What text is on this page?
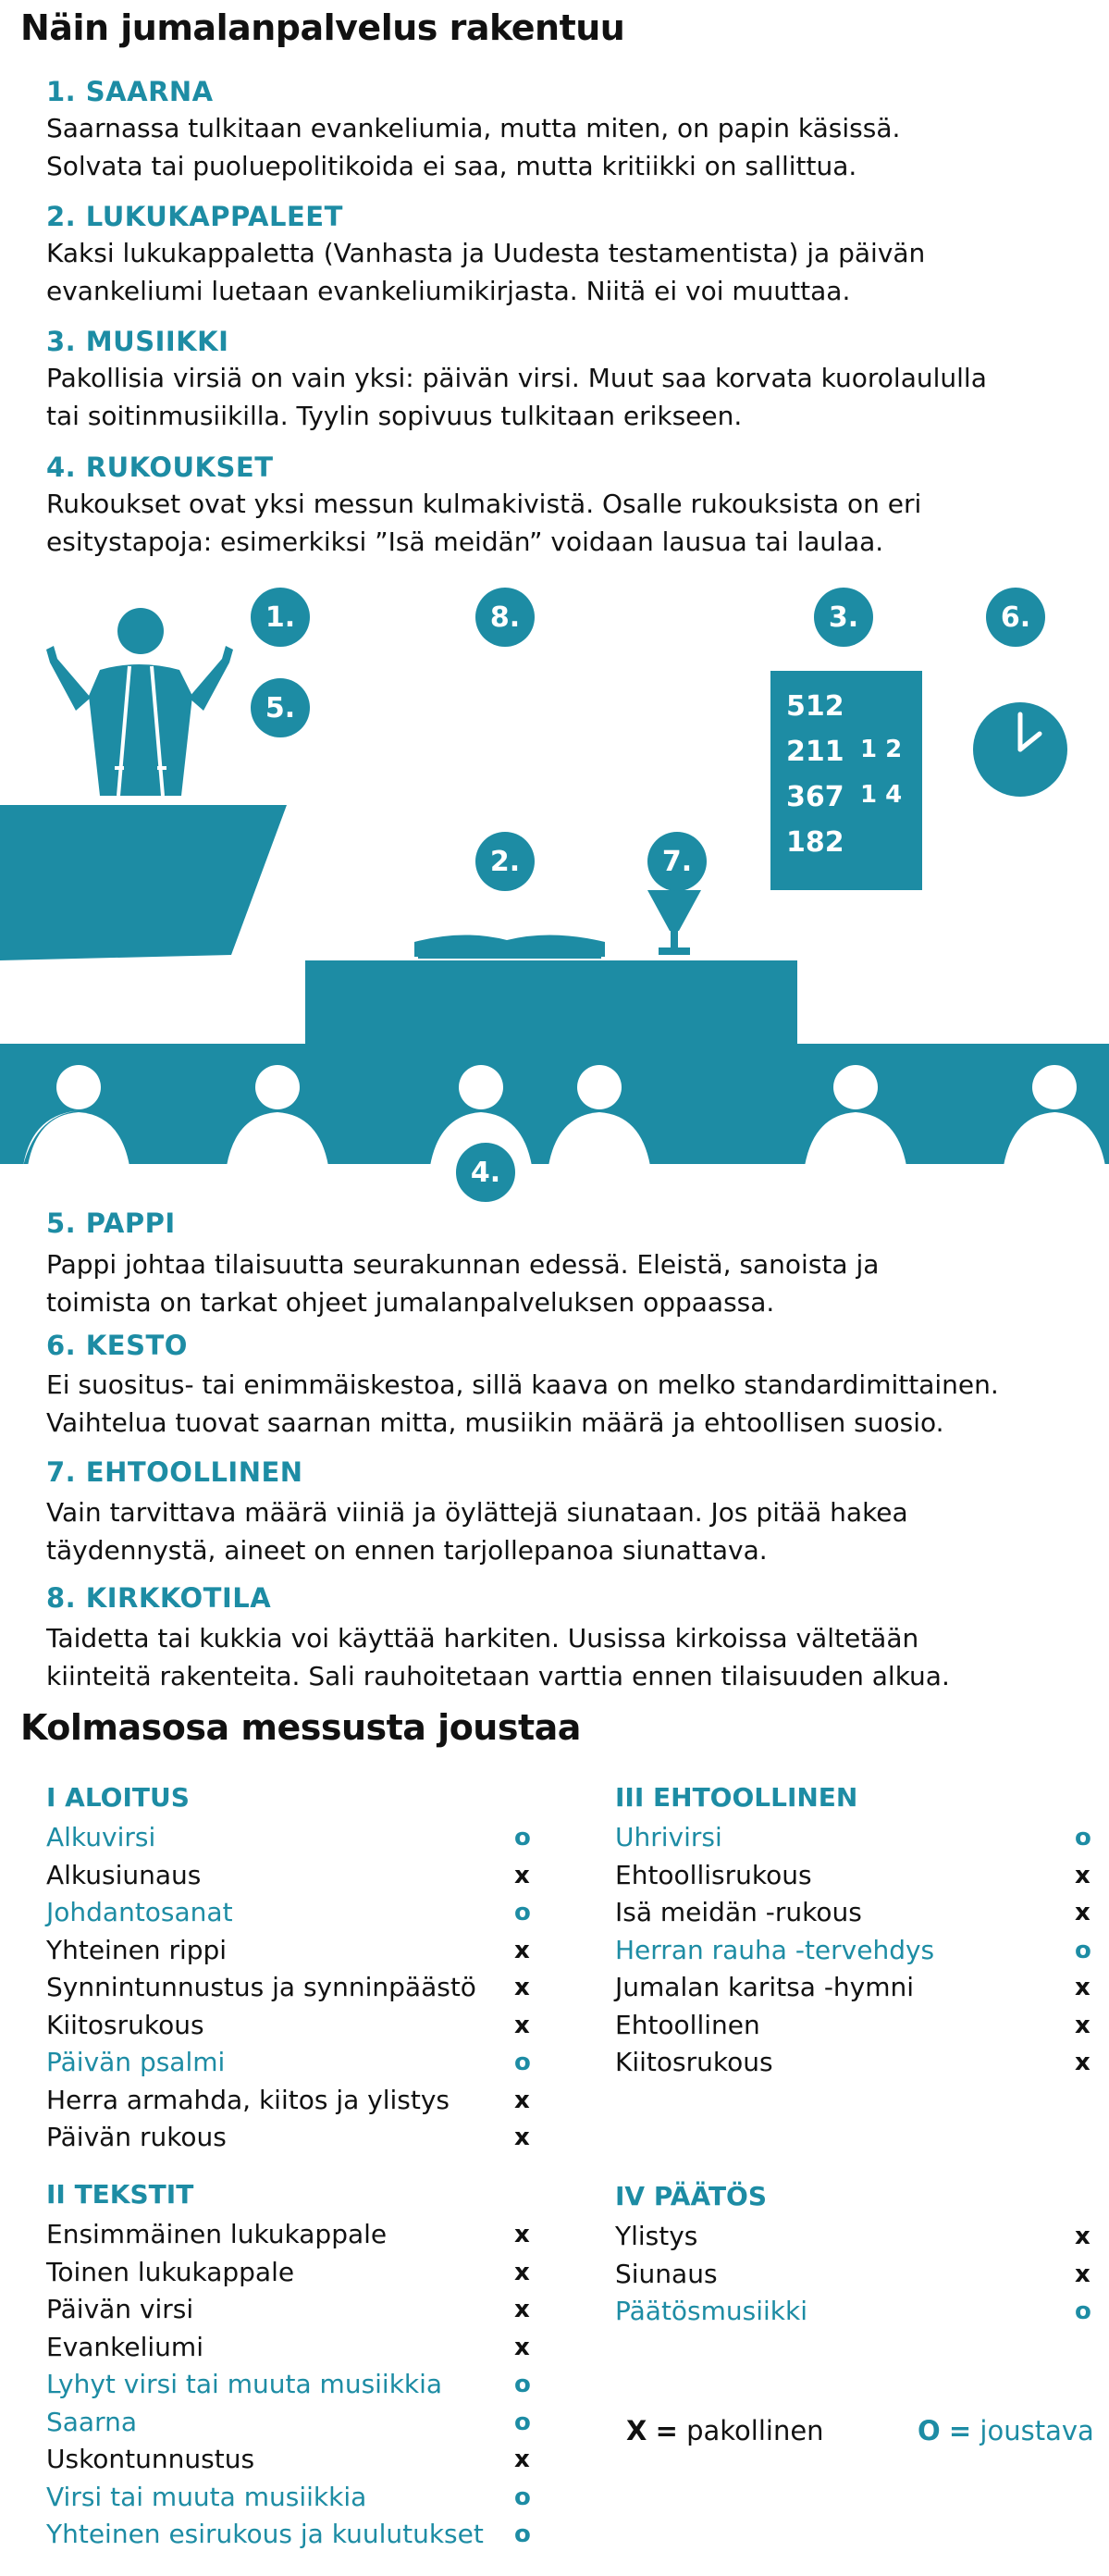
Näin jumalanpalvelus rakentuu
1. SAARNA
Saarnassa tulkitaan evankeliumia, mutta miten, on papin käsissä.
Solvata tai puoluepolitikoida ei saa, mutta kritiikki on sallittua.
2. LUKUKAPPALEET
Kaksi lukukappaletta (Vanhasta ja Uudesta testamentista) ja päivän
evankeliumi luetaan evankeliumikirjasta. Niitä ei voi muuttaa.
3. MUSIIKKI
Pakollisia virsiä on vain yksi: päivän virsi. Muut saa korvata kuorolaululla
tai soitinmusiikilla. Tyylin sopivuus tulkitaan erikseen.
4. RUKOUKSET
Rukoukset ovat yksi messun kulmakivistä. Osalle rukouksista on eri
esitystapoja: esimerkiksi ”Isä meidän” voidaan lausua tai laulaa.
512
211 1 2
367 1 4
182
1.	8.	3.	6.
5.
2.	7.
4.
5. PAPPI
Pappi johtaa tilaisuutta seurakunnan edessä. Eleistä, sanoista ja
toimista on tarkat ohjeet jumalanpalveluksen oppaassa.
6. KESTO
Ei suositus- tai enimmäiskestoa, sillä kaava on melko standardimittainen.
Vaihtelua tuovat saarnan mitta, musiikin määrä ja ehtoollisen suosio.
7. EHTOOLLINEN
Vain tarvittava määrä viiniä ja öylättejä siunataan. Jos pitää hakea
täydennystä, aineet on ennen tarjollepanoa siunattava.
8. KIRKKOTILA
Taidetta tai kukkia voi käyttää harkiten. Uusissa kirkoissa vältetään
kiinteitä rakenteita. Sali rauhoitetaan varttia ennen tilaisuuden alkua.
Kolmasosa messusta joustaa
I ALOITUS
Alkuvirsi	o
Alkusiunaus	x
Johdantosanat	o
Yhteinen rippi	x
Synnintunnustus ja synninpäästö x
Kiitosrukous	x
Päivän psalmi	o
Herra armahda, kiitos ja ylistys	x
Päivän rukous	x
II TEKSTIT
Ensimmäinen lukukappale	x
Toinen lukukappale	x
Päivän virsi	x
Evankeliumi	x
Lyhyt virsi tai muuta musiikkia	o
Saarna	o
Uskontunnustus	x
Virsi tai muuta musiikkia	o
Yhteinen esirukous ja kuulutukset o
III EHTOOLLINEN
Uhrivirsi	o
Ehtoollisrukous	x
Isä meidän -rukous	x
Herran rauha -tervehdys	o
Jumalan karitsa -hymni	x
Ehtoollinen	x
Kiitosrukous	x
IV PÄÄTÖS
Ylistys	x
Siunaus	x
Päätösmusiikki	o
X = pakollinen	O = joustava
